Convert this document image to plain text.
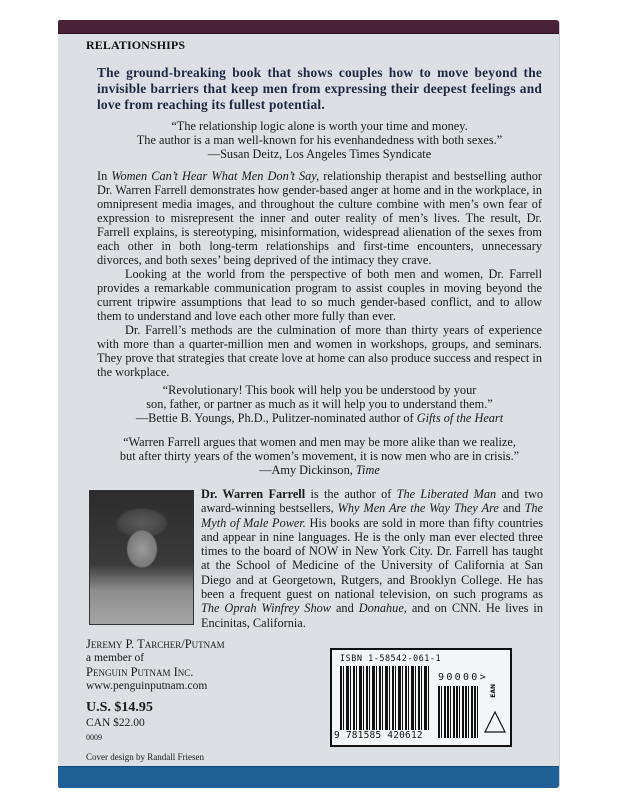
RELATIONSHIPS
The ground-breaking book that shows couples how to move beyond the invisible barriers that keep men from expressing their deepest feelings and love from reaching its fullest potential.
“The relationship logic alone is worth your time and money.
The author is a man well-known for his evenhandedness with both sexes.”
—Susan Deitz, Los Angeles Times Syndicate

In Women Can’t Hear What Men Don’t Say, relationship therapist and bestselling author Dr. Warren Farrell demonstrates how gender-based anger at home and in the workplace, in omnipresent media images, and throughout the culture combine with men’s own fear of expression to misrepresent the inner and outer reality of men’s lives. The result, Dr. Farrell explains, is stereotyping, misinformation, widespread alienation of the sexes from each other in both long-term relationships and first-time encounters, unnecessary divorces, and both sexes’ being deprived of the intimacy they crave.

Looking at the world from the perspective of both men and women, Dr. Farrell provides a remarkable communication program to assist couples in moving beyond the current tripwire assumptions that lead to so much gender-based conflict, and to allow them to understand and love each other more fully than ever.

Dr. Farrell’s methods are the culmination of more than thirty years of experience with more than a quarter-million men and women in workshops, groups, and seminars. They prove that strategies that create love at home can also produce success and respect in the workplace.

“Revolutionary! This book will help you be understood by your
son, father, or partner as much as it will help you to understand them.”
—Bettie B. Youngs, Ph.D., Pulitzer-nominated author of Gifts of the Heart
“Warren Farrell argues that women and men may be more alike than we realize,
but after thirty years of the women’s movement, it is now men who are in crisis.”
—Amy Dickinson, Time
Dr. Warren Farrell is the author of The Liberated Man and two award-winning bestsellers, Why Men Are the Way They Are and The Myth of Male Power. His books are sold in more than fifty countries and appear in nine languages. He is the only man ever elected three times to the board of NOW in New York City. Dr. Farrell has taught at the School of Medicine of the University of California at San Diego and at Georgetown, Rutgers, and Brooklyn College. He has been a frequent guest on national television, on such programs as The Oprah Winfrey Show and Donahue, and on CNN. He lives in Encinitas, California.
Jeremy P. Tarcher/Putnam
a member of
Penguin Putnam Inc.
www.penguinputnam.com
U.S. $14.95
CAN $22.00
0009
Cover design by Randall Friesen
ISBN 1-58542-061-1
9 781585 420612
90000>
EAN
